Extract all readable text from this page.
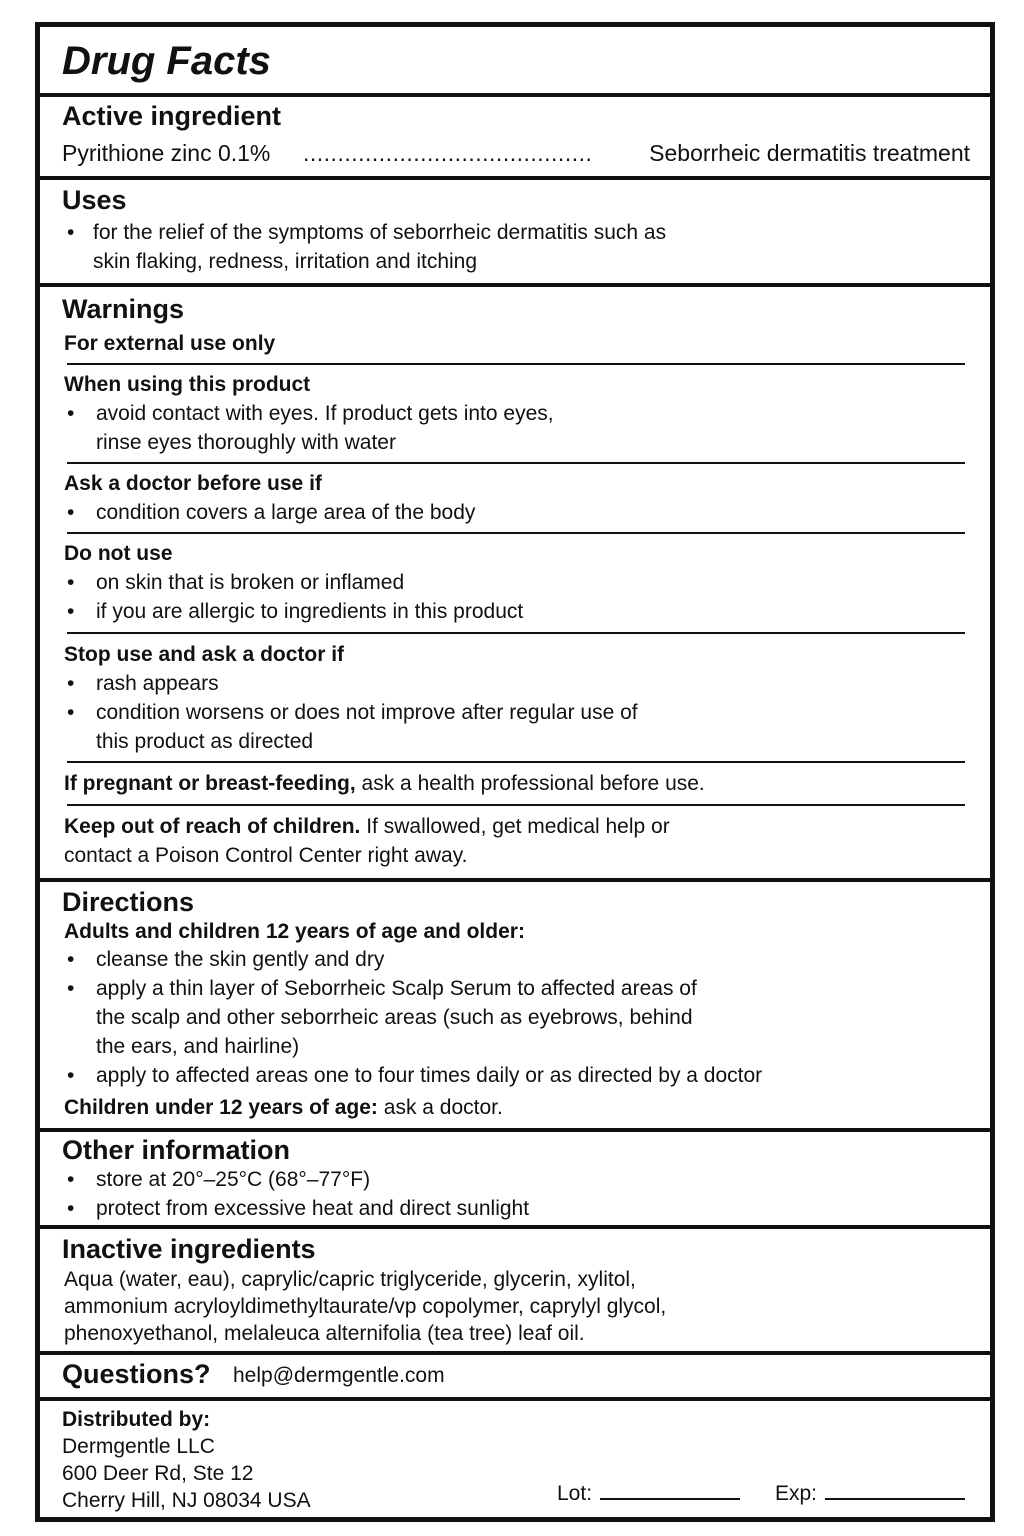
Drug Facts
Active ingredient
Pyrithione zinc 0.1% .......................................... Seborrheic dermatitis treatment
Uses
• for the relief of the symptoms of seborrheic dermatitis such as
skin flaking, redness, irritation and itching
Warnings
For external use only
When using this product
• avoid contact with eyes. If product gets into eyes,
rinse eyes thoroughly with water
Ask a doctor before use if
• condition covers a large area of the body
Do not use
• on skin that is broken or inflamed
• if you are allergic to ingredients in this product
Stop use and ask a doctor if
• rash appears
• condition worsens or does not improve after regular use of
this product as directed
If pregnant or breast-feeding, ask a health professional before use.
Keep out of reach of children. If swallowed, get medical help or
contact a Poison Control Center right away.
Directions
Adults and children 12 years of age and older:
• cleanse the skin gently and dry
• apply a thin layer of Seborrheic Scalp Serum to affected areas of
the scalp and other seborrheic areas (such as eyebrows, behind
the ears, and hairline)
• apply to affected areas one to four times daily or as directed by a doctor
Children under 12 years of age: ask a doctor.
Other information
• store at 20°–25°C (68°–77°F)
• protect from excessive heat and direct sunlight
Inactive ingredients
Aqua (water, eau), caprylic/capric triglyceride, glycerin, xylitol,
ammonium acryloyldimethyltaurate/vp copolymer, caprylyl glycol,
phenoxyethanol, melaleuca alternifolia (tea tree) leaf oil.
Questions? help@dermgentle.com
Distributed by:
Dermgentle LLC
600 Deer Rd, Ste 12
Cherry Hill, NJ 08034 USA	Lot:	Exp:
